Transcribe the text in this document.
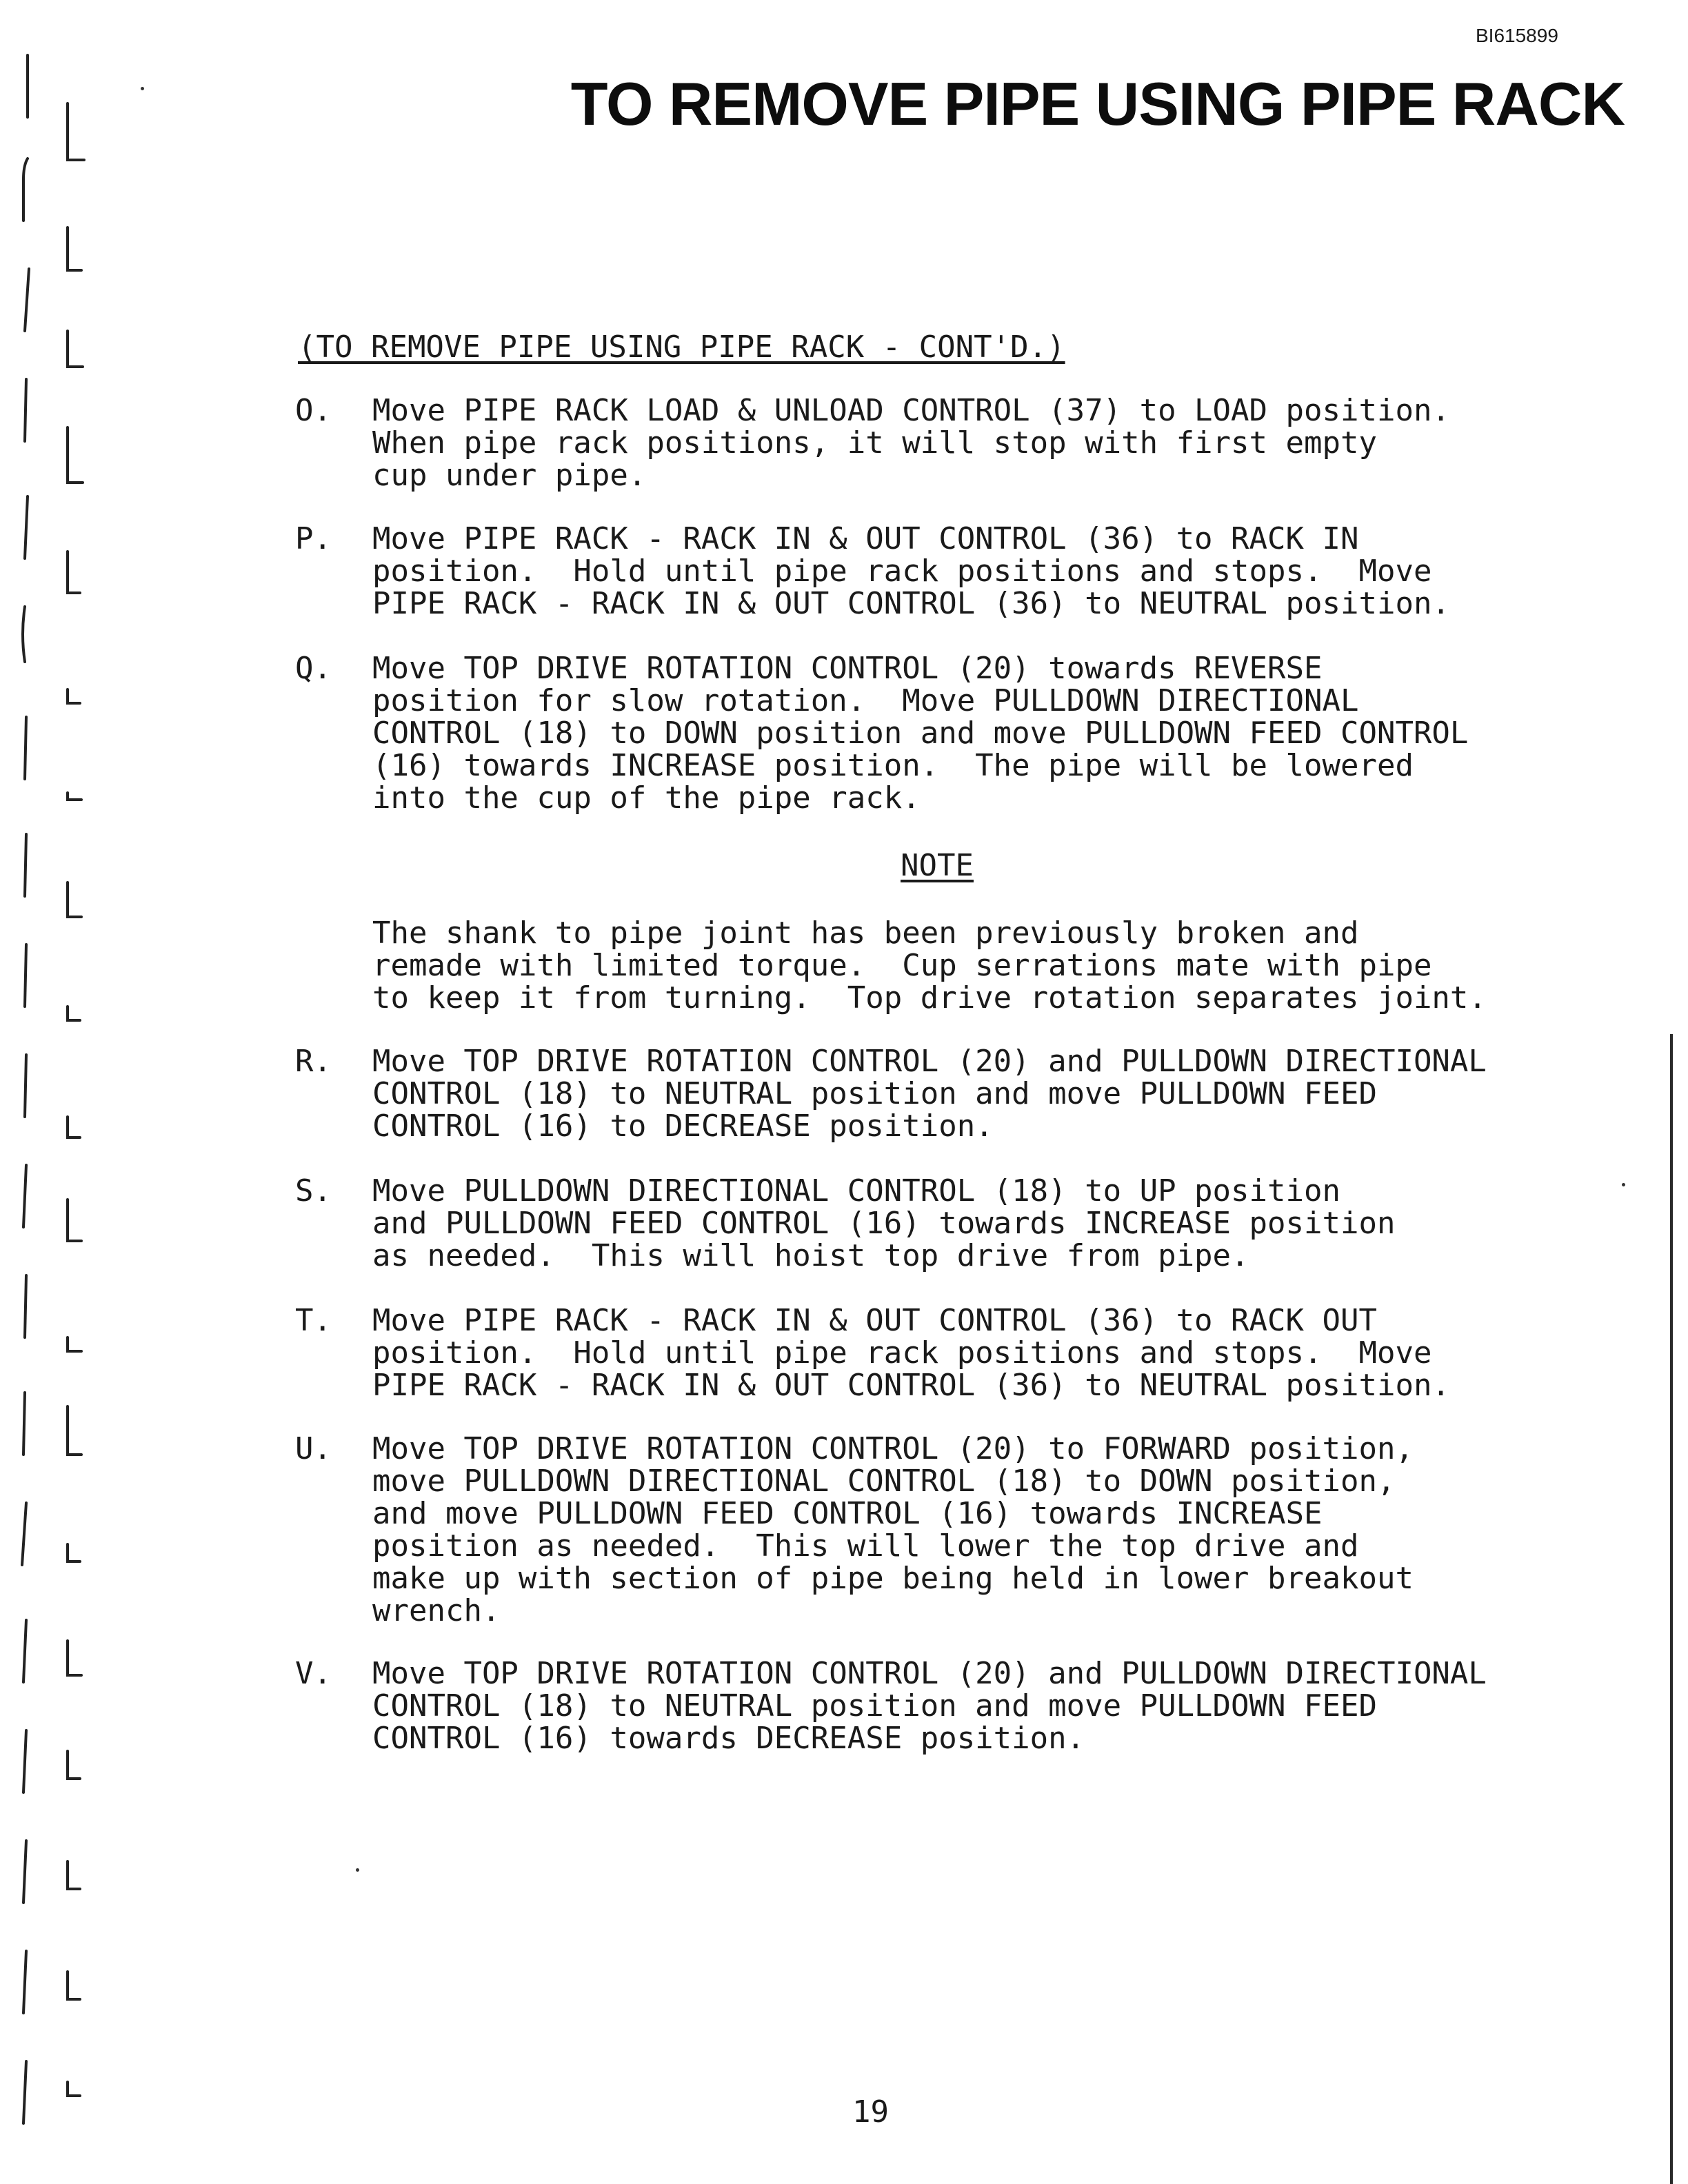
BI615899
TO REMOVE PIPE USING PIPE RACK
(TO REMOVE PIPE USING PIPE RACK - CONT'D.)

O.

Move PIPE RACK LOAD & UNLOAD CONTROL (37) to LOAD position.
When pipe rack positions, it will stop with first empty
cup under pipe.

P.

Move PIPE RACK - RACK IN & OUT CONTROL (36) to RACK IN
position.  Hold until pipe rack positions and stops.  Move
PIPE RACK - RACK IN & OUT CONTROL (36) to NEUTRAL position.

Q.

Move TOP DRIVE ROTATION CONTROL (20) towards REVERSE
position for slow rotation.  Move PULLDOWN DIRECTIONAL
CONTROL (18) to DOWN position and move PULLDOWN FEED CONTROL
(16) towards INCREASE position.  The pipe will be lowered
into the cup of the pipe rack.

NOTE
The shank to pipe joint has been previously broken and
remade with limited torque.  Cup serrations mate with pipe
to keep it from turning.  Top drive rotation separates joint.

R.

Move TOP DRIVE ROTATION CONTROL (20) and PULLDOWN DIRECTIONAL
CONTROL (18) to NEUTRAL position and move PULLDOWN FEED
CONTROL (16) to DECREASE position.

S.

Move PULLDOWN DIRECTIONAL CONTROL (18) to UP position
and PULLDOWN FEED CONTROL (16) towards INCREASE position
as needed.  This will hoist top drive from pipe.

T.

Move PIPE RACK - RACK IN & OUT CONTROL (36) to RACK OUT
position.  Hold until pipe rack positions and stops.  Move
PIPE RACK - RACK IN & OUT CONTROL (36) to NEUTRAL position.

U.

Move TOP DRIVE ROTATION CONTROL (20) to FORWARD position,
move PULLDOWN DIRECTIONAL CONTROL (18) to DOWN position,
and move PULLDOWN FEED CONTROL (16) towards INCREASE
position as needed.  This will lower the top drive and
make up with section of pipe being held in lower breakout
wrench.

V.

Move TOP DRIVE ROTATION CONTROL (20) and PULLDOWN DIRECTIONAL
CONTROL (18) to NEUTRAL position and move PULLDOWN FEED
CONTROL (16) towards DECREASE position.

19
